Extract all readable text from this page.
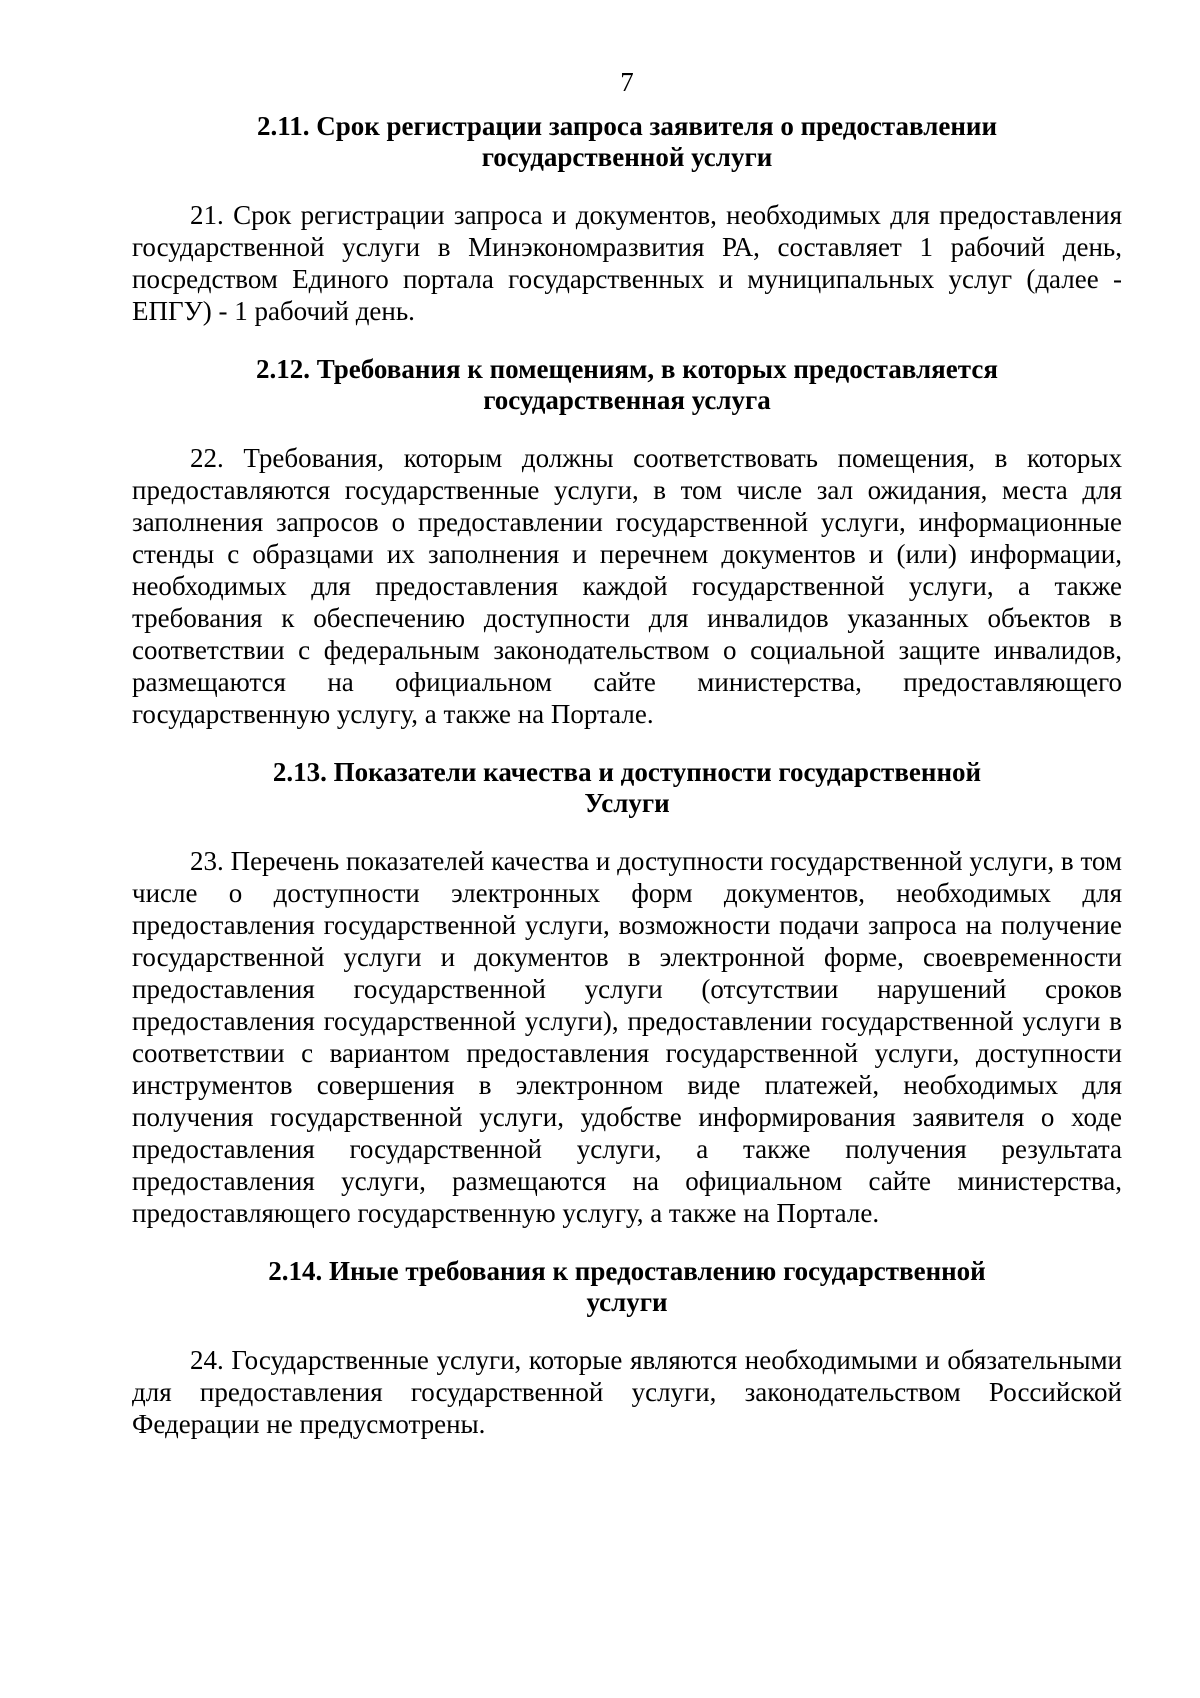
7
2.11. Срок регистрации запроса заявителя о предоставлении
государственной услуги

21. Срок регистрации запроса и документов, необходимых для предоставления государственной услуги в Минэкономразвития РА, составляет 1 рабочий день, посредством Единого портала государственных и муниципальных услуг (далее - ЕПГУ) - 1 рабочий день.

2.12. Требования к помещениям, в которых предоставляется
государственная услуга

22. Требования, которым должны соответствовать помещения, в которых предоставляются государственные услуги, в том числе зал ожидания, места для заполнения запросов о предоставлении государственной услуги, информационные стенды с образцами их заполнения и перечнем документов и (или) информации, необходимых для предоставления каждой государственной услуги, а также требования к обеспечению доступности для инвалидов указанных объектов в соответствии с федеральным законодательством о социальной защите инвалидов, размещаются на официальном сайте министерства, предоставляющего государственную услугу, а также на Портале.

2.13. Показатели качества и доступности государственной
Услуги

23. Перечень показателей качества и доступности государственной услуги, в том числе о доступности электронных форм документов, необходимых для предоставления государственной услуги, возможности подачи запроса на получение государственной услуги и документов в электронной форме, своевременности предоставления государственной услуги (отсутствии нарушений сроков предоставления государственной услуги), предоставлении государственной услуги в соответствии с вариантом предоставления государственной услуги, доступности инструментов совершения в электронном виде платежей, необходимых для получения государственной услуги, удобстве информирования заявителя о ходе предоставления государственной услуги, а также получения результата предоставления услуги, размещаются на официальном сайте министерства, предоставляющего государственную услугу, а также на Портале.

2.14. Иные требования к предоставлению государственной
услуги

24. Государственные услуги, которые являются необходимыми и обязательными для предоставления государственной услуги, законодательством Российской Федерации не предусмотрены.
